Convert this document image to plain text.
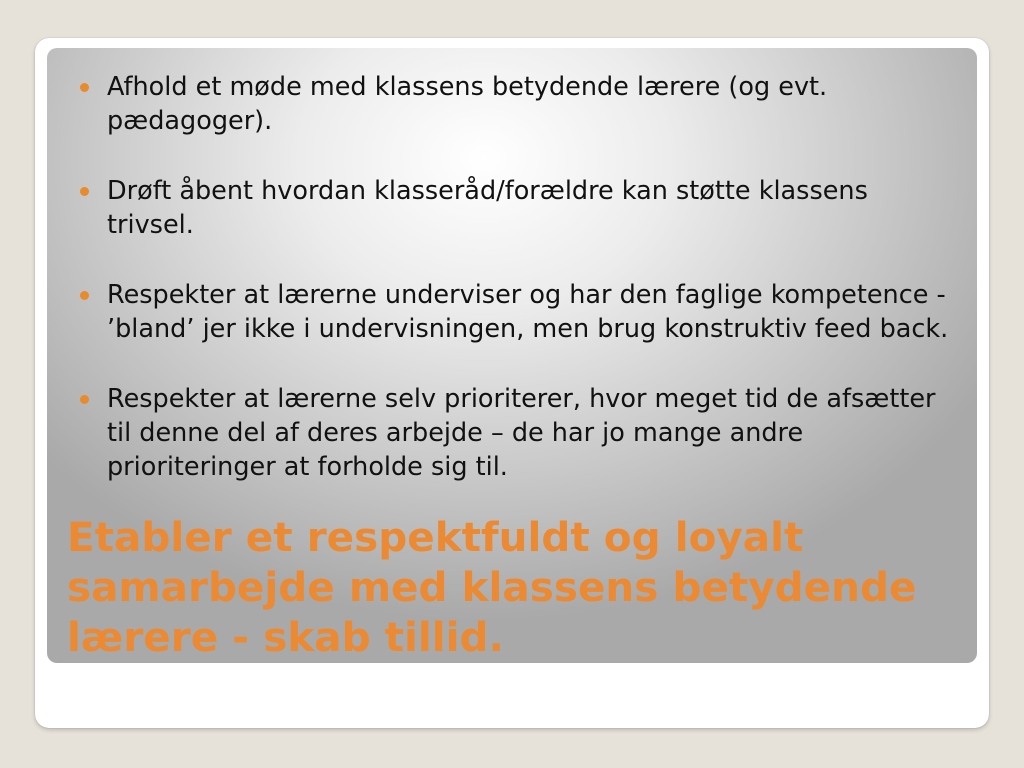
Afhold et møde med klassens betydende lærere (og evt. pædagoger).
Drøft åbent hvordan klasseråd/forældre kan støtte klassens trivsel.
Respekter at lærerne underviser og har den faglige kompetence - ’bland’ jer ikke i undervisningen, men brug konstruktiv feed back.
Respekter at lærerne selv prioriterer, hvor meget tid de afsætter til denne del af deres arbejde – de har jo mange andre prioriteringer at forholde sig til.
Etabler et respektfuldt og loyalt samarbejde med klassens betydende lærere - skab tillid.
